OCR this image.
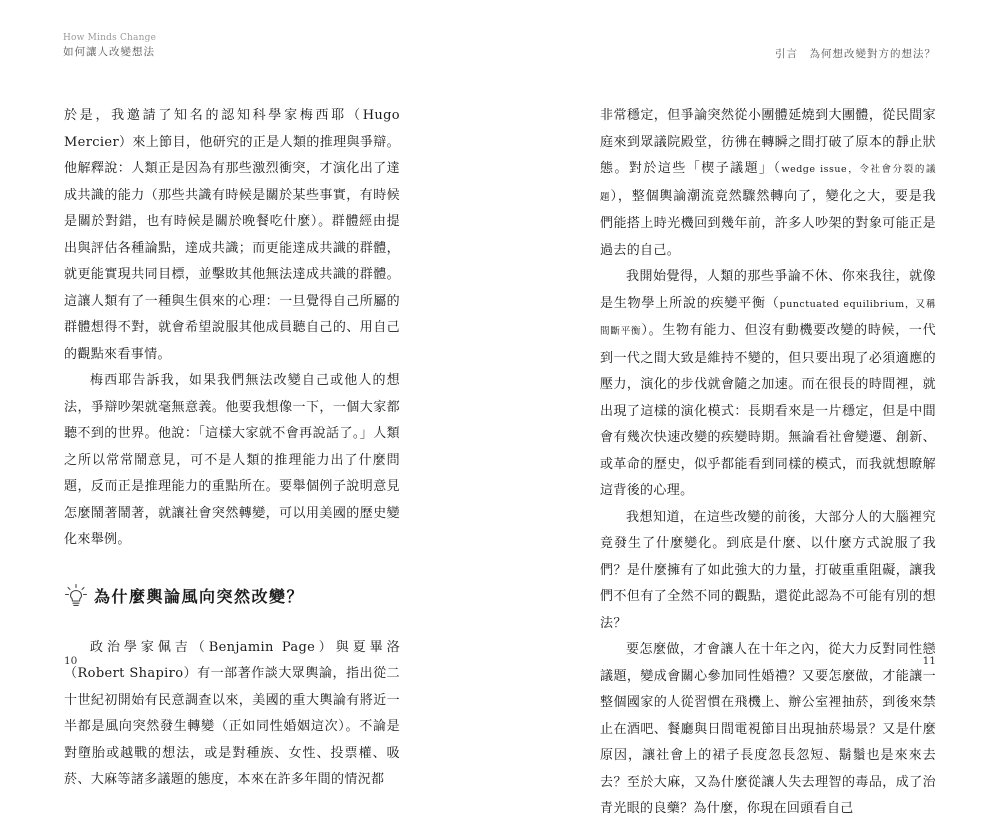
How Minds Change
如何讓人改變想法

於是，我邀請了知名的認知科學家梅西耶（Hugo Mercier）來上節目，他研究的正是人類的推理與爭辯。他解釋說：人類正是因為有那些激烈衝突，才演化出了達成共識的能力（那些共識有時候是關於某些事實，有時候是關於對錯，也有時候是關於晚餐吃什麼）。群體經由提出與評估各種論點，達成共識；而更能達成共識的群體，就更能實現共同目標，並擊敗其他無法達成共識的群體。這讓人類有了一種與生俱來的心理：一旦覺得自己所屬的群體想得不對，就會希望說服其他成員聽自己的、用自己的觀點來看事情。

梅西耶告訴我，如果我們無法改變自己或他人的想法，爭辯吵架就毫無意義。他要我想像一下，一個大家都聽不到的世界。他說：「這樣大家就不會再說話了。」人類之所以常常鬧意見，可不是人類的推理能力出了什麼問題，反而正是推理能力的重點所在。要舉個例子說明意見怎麼鬧著鬧著，就讓社會突然轉變，可以用美國的歷史變化來舉例。

為什麼輿論風向突然改變？

政治學家佩吉（Benjamin Page）與夏畢洛（Robert Shapiro）有一部著作談大眾輿論，指出從二十世紀初開始有民意調查以來，美國的重大輿論有將近一半都是風向突然發生轉變（正如同性婚姻這次）。不論是對墮胎或越戰的想法，或是對種族、女性、投票權、吸菸、大麻等諸多議題的態度，本來在許多年間的情況都

10
引言　為何想改變對方的想法？

非常穩定，但爭論突然從小團體延燒到大團體，從民間家庭來到眾議院殿堂，彷彿在轉瞬之間打破了原本的靜止狀態。對於這些「楔子議題」（wedge issue，令社會分裂的議題），整個輿論潮流竟然驟然轉向了，變化之大，要是我們能搭上時光機回到幾年前，許多人吵架的對象可能正是過去的自己。

我開始覺得，人類的那些爭論不休、你來我往，就像是生物學上所說的疾變平衡（punctuated equilibrium，又稱間斷平衡）。生物有能力、但沒有動機要改變的時候，一代到一代之間大致是維持不變的，但只要出現了必須適應的壓力，演化的步伐就會隨之加速。而在很長的時間裡，就出現了這樣的演化模式：長期看來是一片穩定，但是中間會有幾次快速改變的疾變時期。無論看社會變遷、創新、或革命的歷史，似乎都能看到同樣的模式，而我就想瞭解這背後的心理。

我想知道，在這些改變的前後，大部分人的大腦裡究竟發生了什麼變化。到底是什麼、以什麼方式說服了我們？是什麼擁有了如此強大的力量，打破重重阻礙，讓我們不但有了全然不同的觀點，還從此認為不可能有別的想法？

要怎麼做，才會讓人在十年之內，從大力反對同性戀議題，變成會關心參加同性婚禮？又要怎麼做，才能讓一整個國家的人從習慣在飛機上、辦公室裡抽菸，到後來禁止在酒吧、餐廳與日間電視節目出現抽菸場景？又是什麼原因，讓社會上的裙子長度忽長忽短、鬍鬚也是來來去去？至於大麻，又為什麼從讓人失去理智的毒品，成了治青光眼的良藥？為什麼，你現在回頭看自己

11
